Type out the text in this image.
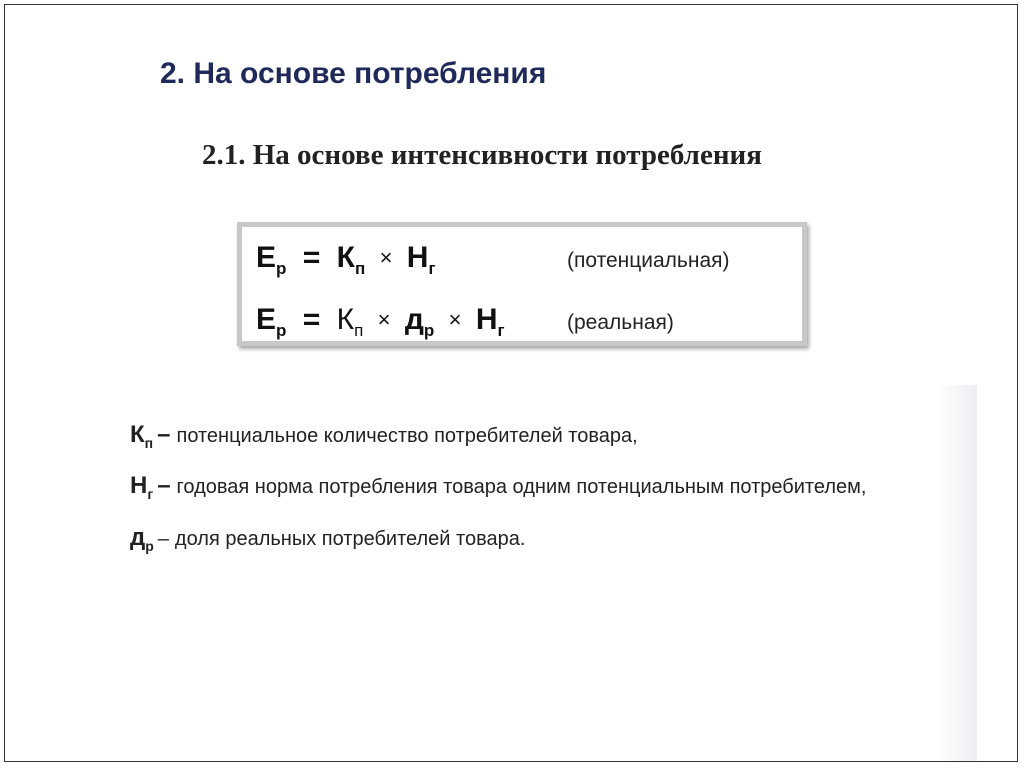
2. На основе потребления
2.1. На основе интенсивности потребления
$Е_р = К_п \times Н_г$	(потенциальная)
$Е_р = К_п \times д_р \times Н_г$	(реальная)
$К_п$ – потенциальное количество потребителей товара,
$Н_г$ – годовая норма потребления товара одним потенциальным потребителем,
$д_р$ – доля реальных потребителей товара.
